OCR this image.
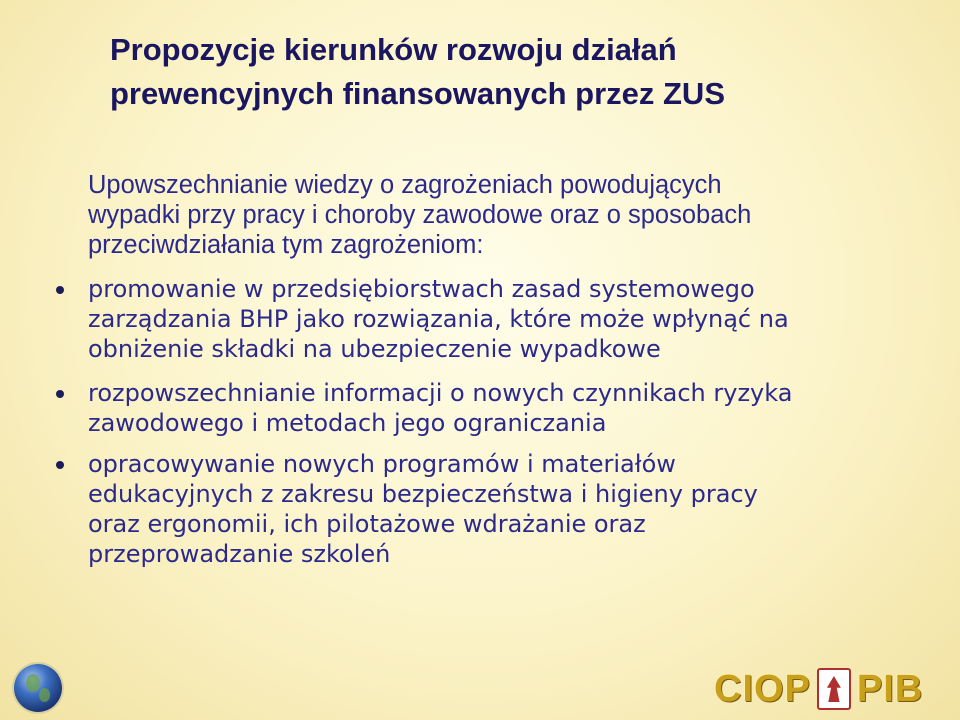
Propozycje kierunków rozwoju działań
prewencyjnych finansowanych przez ZUS
Upowszechnianie wiedzy o zagrożeniach powodujących
wypadki przy pracy i choroby zawodowe oraz o sposobach
przeciwdziałania tym zagrożeniom:
promowanie w przedsiębiorstwach zasad systemowego
zarządzania BHP jako rozwiązania, które może wpłynąć na
obniżenie składki na ubezpieczenie wypadkowe
rozpowszechnianie informacji o nowych czynnikach ryzyka
zawodowego i metodach jego ograniczania
opracowywanie nowych programów i materiałów
edukacyjnych z zakresu bezpieczeństwa i higieny pracy
oraz ergonomii, ich pilotażowe wdrażanie oraz
przeprowadzanie szkoleń
CIOP PIB
